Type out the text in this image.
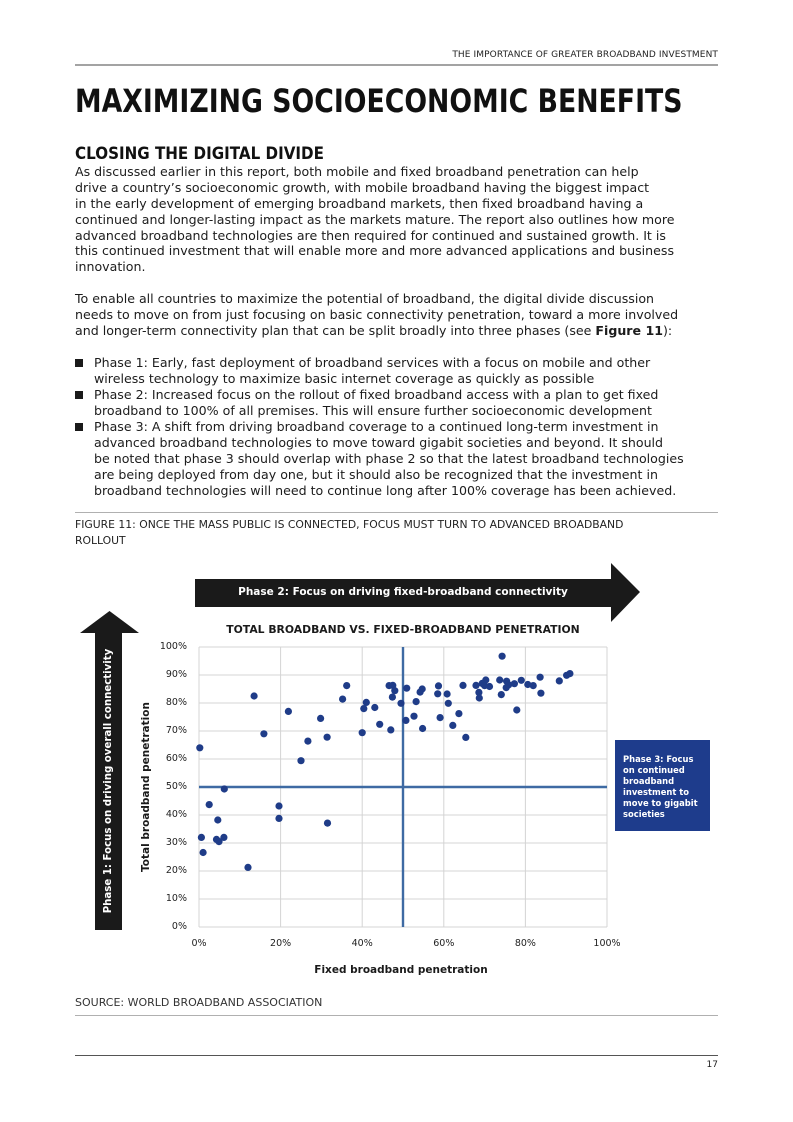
THE IMPORTANCE OF GREATER BROADBAND INVESTMENT
MAXIMIZING SOCIOECONOMIC BENEFITS
CLOSING THE DIGITAL DIVIDE
As discussed earlier in this report, both mobile and fixed broadband penetration can help
drive a country’s socioeconomic growth, with mobile broadband having the biggest impact
in the early development of emerging broadband markets, then fixed broadband having a
continued and longer-lasting impact as the markets mature. The report also outlines how more
advanced broadband technologies are then required for continued and sustained growth. It is
this continued investment that will enable more and more advanced applications and business
innovation.
To enable all countries to maximize the potential of broadband, the digital divide discussion
needs to move on from just focusing on basic connectivity penetration, toward a more involved
and longer-term connectivity plan that can be split broadly into three phases (see Figure 11):
Phase 1: Early, fast deployment of broadband services with a focus on mobile and other
wireless technology to maximize basic internet coverage as quickly as possible
Phase 2: Increased focus on the rollout of fixed broadband access with a plan to get fixed
broadband to 100% of all premises. This will ensure further socioeconomic development
Phase 3: A shift from driving broadband coverage to a continued long-term investment in
advanced broadband technologies to move toward gigabit societies and beyond. It should
be noted that phase 3 should overlap with phase 2 so that the latest broadband technologies
are being deployed from day one, but it should also be recognized that the investment in
broadband technologies will need to continue long after 100% coverage has been achieved.
FIGURE 11: ONCE THE MASS PUBLIC IS CONNECTED, FOCUS MUST TURN TO ADVANCED BROADBAND
ROLLOUT
Phase 2: Focus on driving fixed-broadband connectivity
Phase 1: Focus on driving overall connectivity
TOTAL BROADBAND VS. FIXED-BROADBAND PENETRATION
Total broadband penetration
0%
10%
20%
30%
40%
50%
60%
70%
80%
90%
100%
0%	20%	40%	60%	80%	100%
Fixed broadband penetration
Phase 3: Focus
on continued
broadband
investment to
move to gigabit
societies
SOURCE: WORLD BROADBAND ASSOCIATION
17
